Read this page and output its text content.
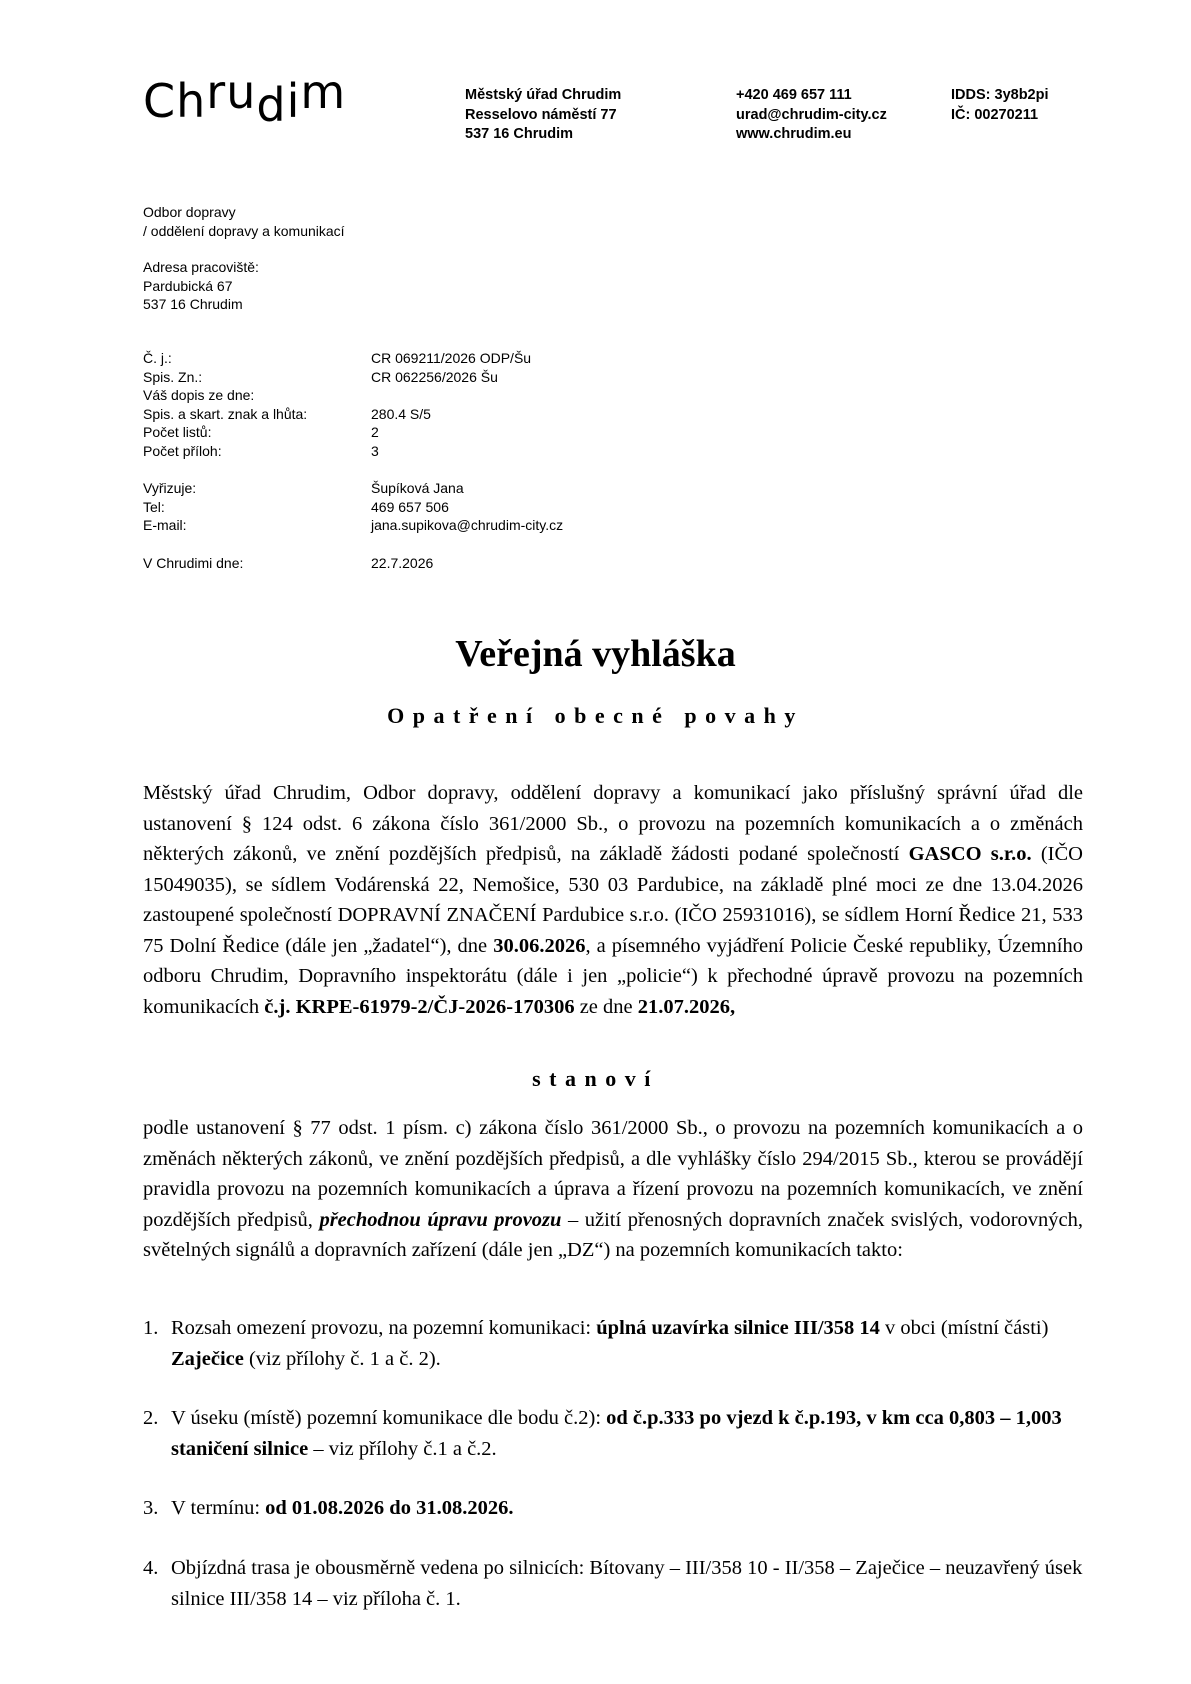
Chrudim	Městský úřad Chrudim
Resselovo náměstí 77
537 16 Chrudim
+420 469 657 111
urad@chrudim-city.cz
www.chrudim.eu
IDDS: 3y8b2pi
IČ: 00270211
Odbor dopravy
/ oddělení dopravy a komunikací
Adresa pracoviště:
Pardubická 67
537 16 Chrudim
Č. j.:	CR 069211/2026 ODP/Šu
Spis. Zn.:	CR 062256/2026 Šu
Váš dopis ze dne:
Spis. a skart. znak a lhůta:	280.4 S/5
Počet listů:	2
Počet příloh:	3
Vyřizuje:	Šupíková Jana
Tel:	469 657 506
E-mail:	jana.supikova@chrudim-city.cz
V Chrudimi dne:	22.7.2026
Veřejná vyhláška
Opatření obecné povahy
Městský úřad Chrudim, Odbor dopravy, oddělení dopravy a komunikací jako příslušný správní úřad dle ustanovení § 124 odst. 6 zákona číslo 361/2000 Sb., o provozu na pozemních komunikacích a o změnách některých zákonů, ve znění pozdějších předpisů, na základě žádosti podané společností GASCO s.r.o. (IČO 15049035), se sídlem Vodárenská 22, Nemošice, 530 03 Pardubice, na základě plné moci ze dne 13.04.2026 zastoupené společností DOPRAVNÍ ZNAČENÍ Pardubice s.r.o. (IČO 25931016), se sídlem Horní Ředice 21, 533 75 Dolní Ředice (dále jen „žadatel“), dne 30.06.2026, a písemného vyjádření Policie České republiky, Územního odboru Chrudim, Dopravního inspektorátu (dále i jen „policie“) k přechodné úpravě provozu na pozemních komunikacích č.j. KRPE-61979-2/ČJ-2026-170306 ze dne 21.07.2026,
stanoví
podle ustanovení § 77 odst. 1 písm. c) zákona číslo 361/2000 Sb., o provozu na pozemních komunikacích a o změnách některých zákonů, ve znění pozdějších předpisů, a dle vyhlášky číslo 294/2015 Sb., kterou se provádějí pravidla provozu na pozemních komunikacích a úprava a řízení provozu na pozemních komunikacích, ve znění pozdějších předpisů, přechodnou úpravu provozu – užití přenosných dopravních značek svislých, vodorovných, světelných signálů a dopravních zařízení (dále jen „DZ“) na pozemních komunikacích takto:
1. Rozsah omezení provozu, na pozemní komunikaci: úplná uzavírka silnice III/358 14 v obci (místní části) Zaječice (viz přílohy č. 1 a č. 2).
2. V úseku (místě) pozemní komunikace dle bodu č.2): od č.p.333 po vjezd k č.p.193, v km cca 0,803 – 1,003 staničení silnice – viz přílohy č.1 a č.2.
3. V termínu: od 01.08.2026 do 31.08.2026.
4. Objízdná trasa je obousměrně vedena po silnicích: Bítovany – III/358 10 - II/358 – Zaječice – neuzavřený úsek silnice III/358 14 – viz příloha č. 1.
